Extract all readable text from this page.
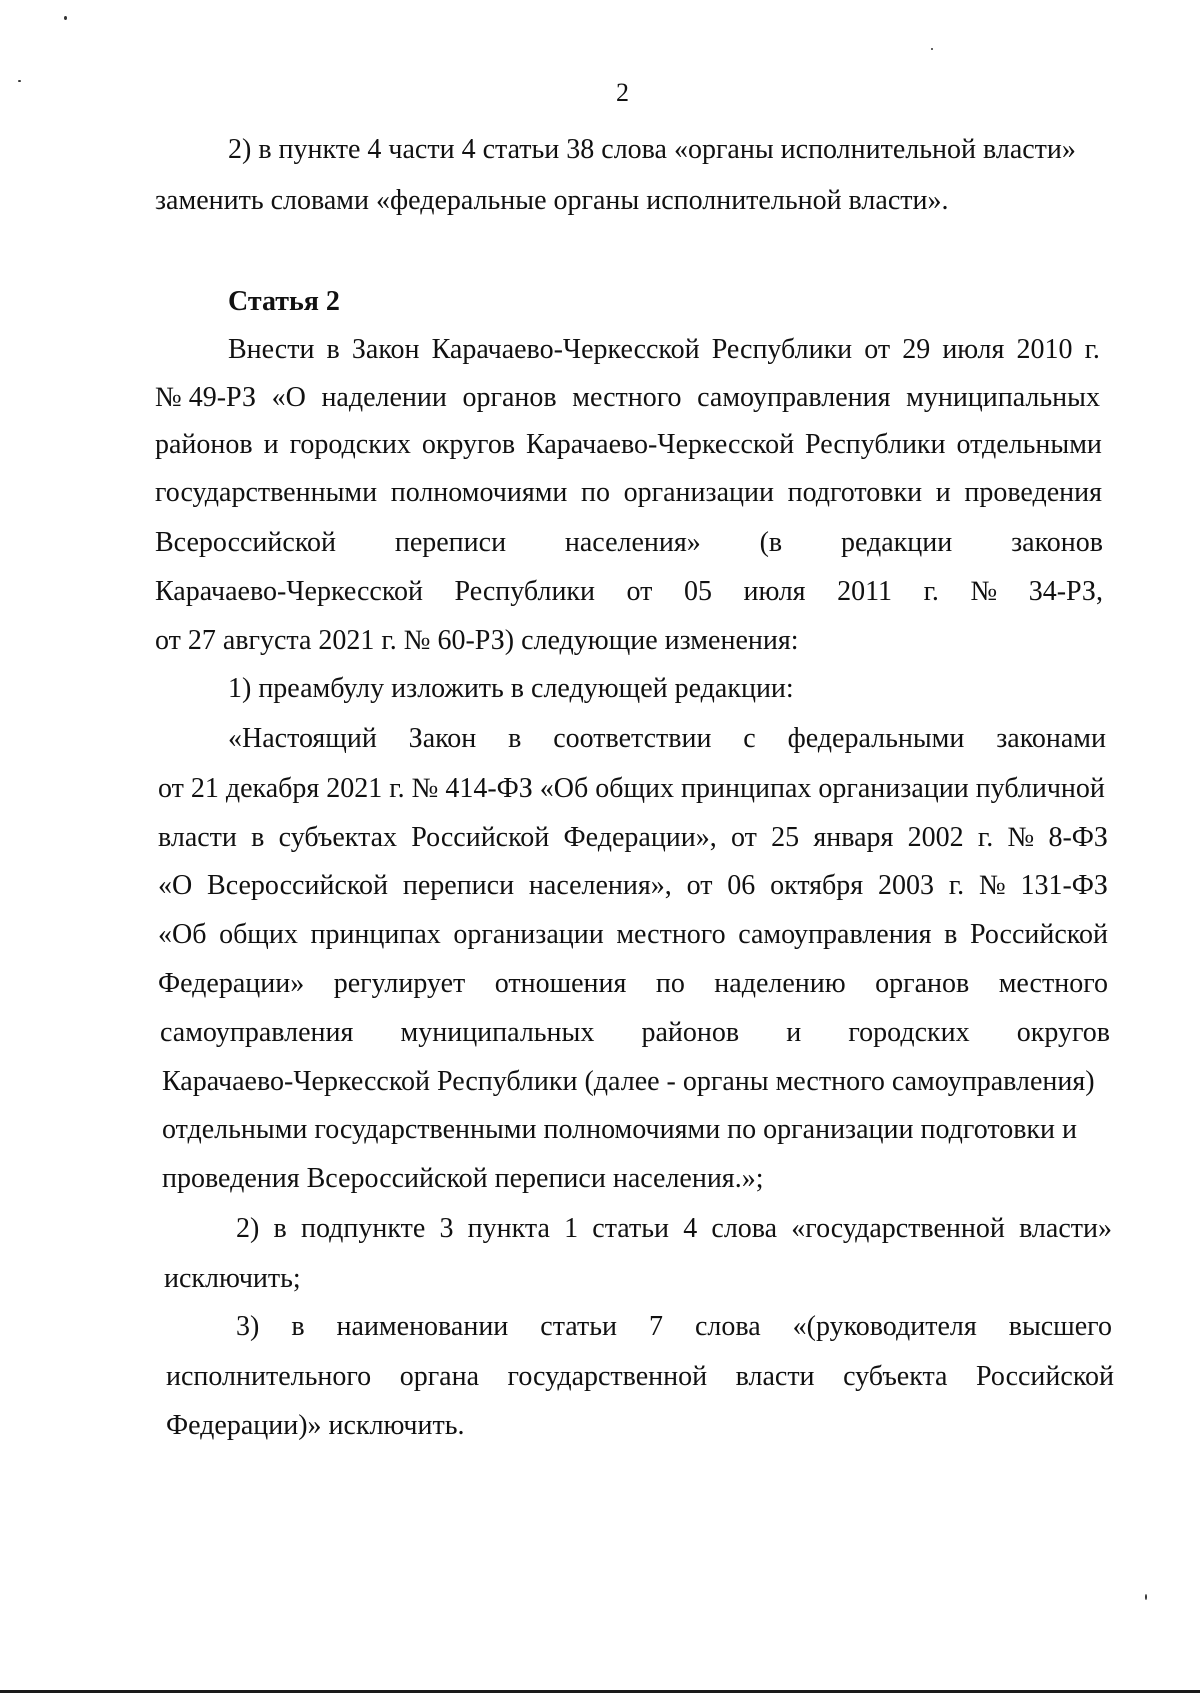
2
2) в пункте 4 части 4 статьи 38 слова «органы исполнительной власти»
заменить словами «федеральные органы исполнительной власти».
Статья 2
Внести в Закон Карачаево-Черкесской Республики от 29 июля 2010 г.
№ 49-РЗ «О наделении органов местного самоуправления муниципальных
районов и городских округов Карачаево-Черкесской Республики отдельными
государственными полномочиями по организации подготовки и проведения
Всероссийской переписи населения» (в редакции законов
Карачаево-Черкесской Республики от 05 июля 2011 г. № 34-РЗ,
от 27 августа 2021 г. № 60-РЗ) следующие изменения:
1) преамбулу изложить в следующей редакции:
«Настоящий Закон в соответствии с федеральными законами
от 21 декабря 2021 г. № 414-ФЗ «Об общих принципах организации публичной
власти в субъектах Российской Федерации», от 25 января 2002 г. № 8-ФЗ
«О Всероссийской переписи населения», от 06 октября 2003 г. № 131-ФЗ
«Об общих принципах организации местного самоуправления в Российской
Федерации» регулирует отношения по наделению органов местного
самоуправления муниципальных районов и городских округов
Карачаево-Черкесской Республики (далее - органы местного самоуправления)
отдельными государственными полномочиями по организации подготовки и
проведения Всероссийской переписи населения.»;
2) в подпункте 3 пункта 1 статьи 4 слова «государственной власти»
исключить;
3) в наименовании статьи 7 слова «(руководителя высшего
исполнительного органа государственной власти субъекта Российской
Федерации)» исключить.
